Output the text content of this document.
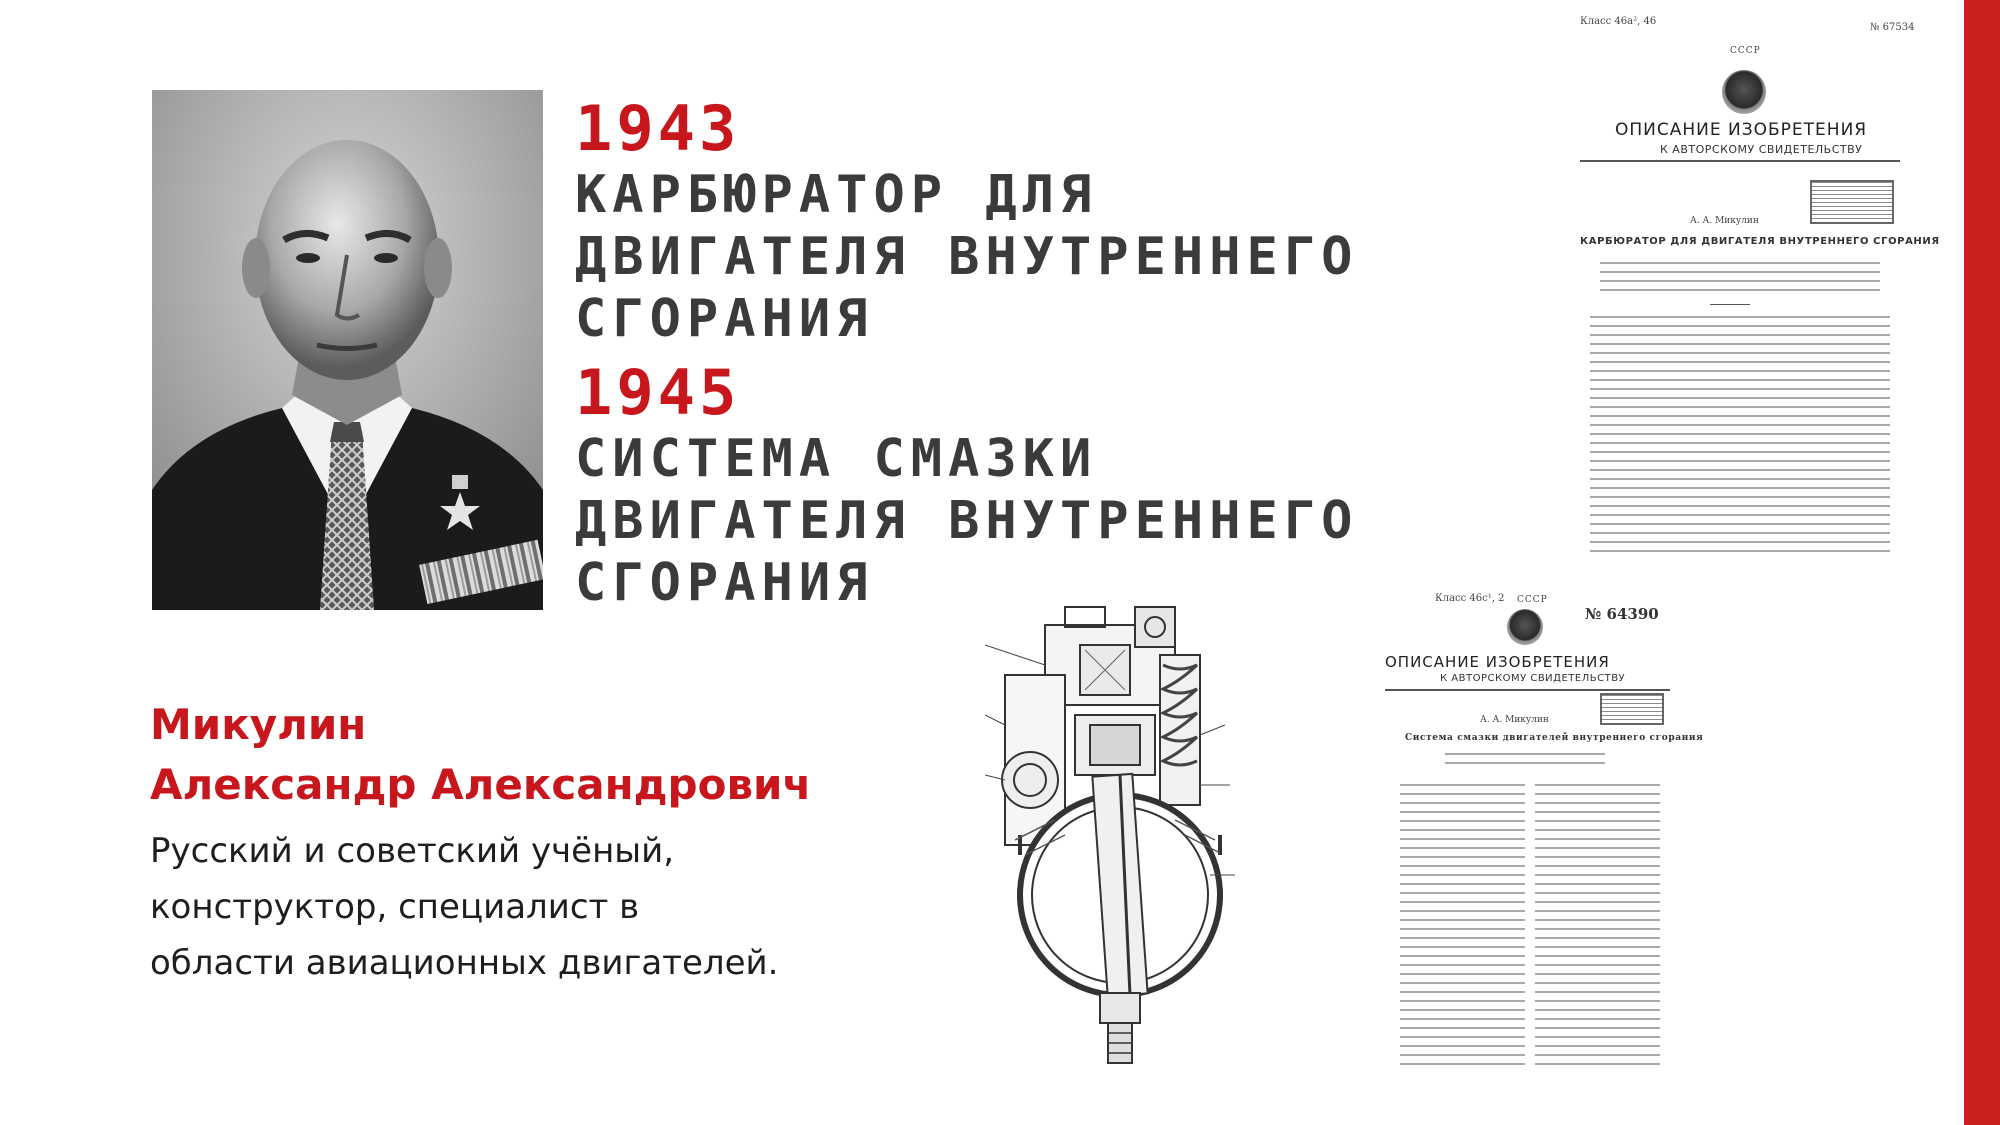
1943

КАРБЮРАТОР ДЛЯ ДВИГАТЕЛЯ ВНУТРЕННЕГО СГОРАНИЯ

1945

СИСТЕМА СМАЗКИ ДВИГАТЕЛЯ ВНУТРЕННЕГО СГОРАНИЯ

Микулин

Александр Александрович

Русский и советский учёный, конструктор, специалист в области авиационных двигателей.

Класс 46а², 46
№ 67534
СССР
ОПИСАНИЕ ИЗОБРЕТЕНИЯ
К АВТОРСКОМУ СВИДЕТЕЛЬСТВУ
А. А. Микулин
КАРБЮРАТОР ДЛЯ ДВИГАТЕЛЯ ВНУТРЕННЕГО СГОРАНИЯ
Класс 46с¹, 2 СССР
№ 64390
ОПИСАНИЕ ИЗОБРЕТЕНИЯ
К АВТОРСКОМУ СВИДЕТЕЛЬСТВУ
А. А. Микулин
Система смазки двигателей внутреннего сгорания
